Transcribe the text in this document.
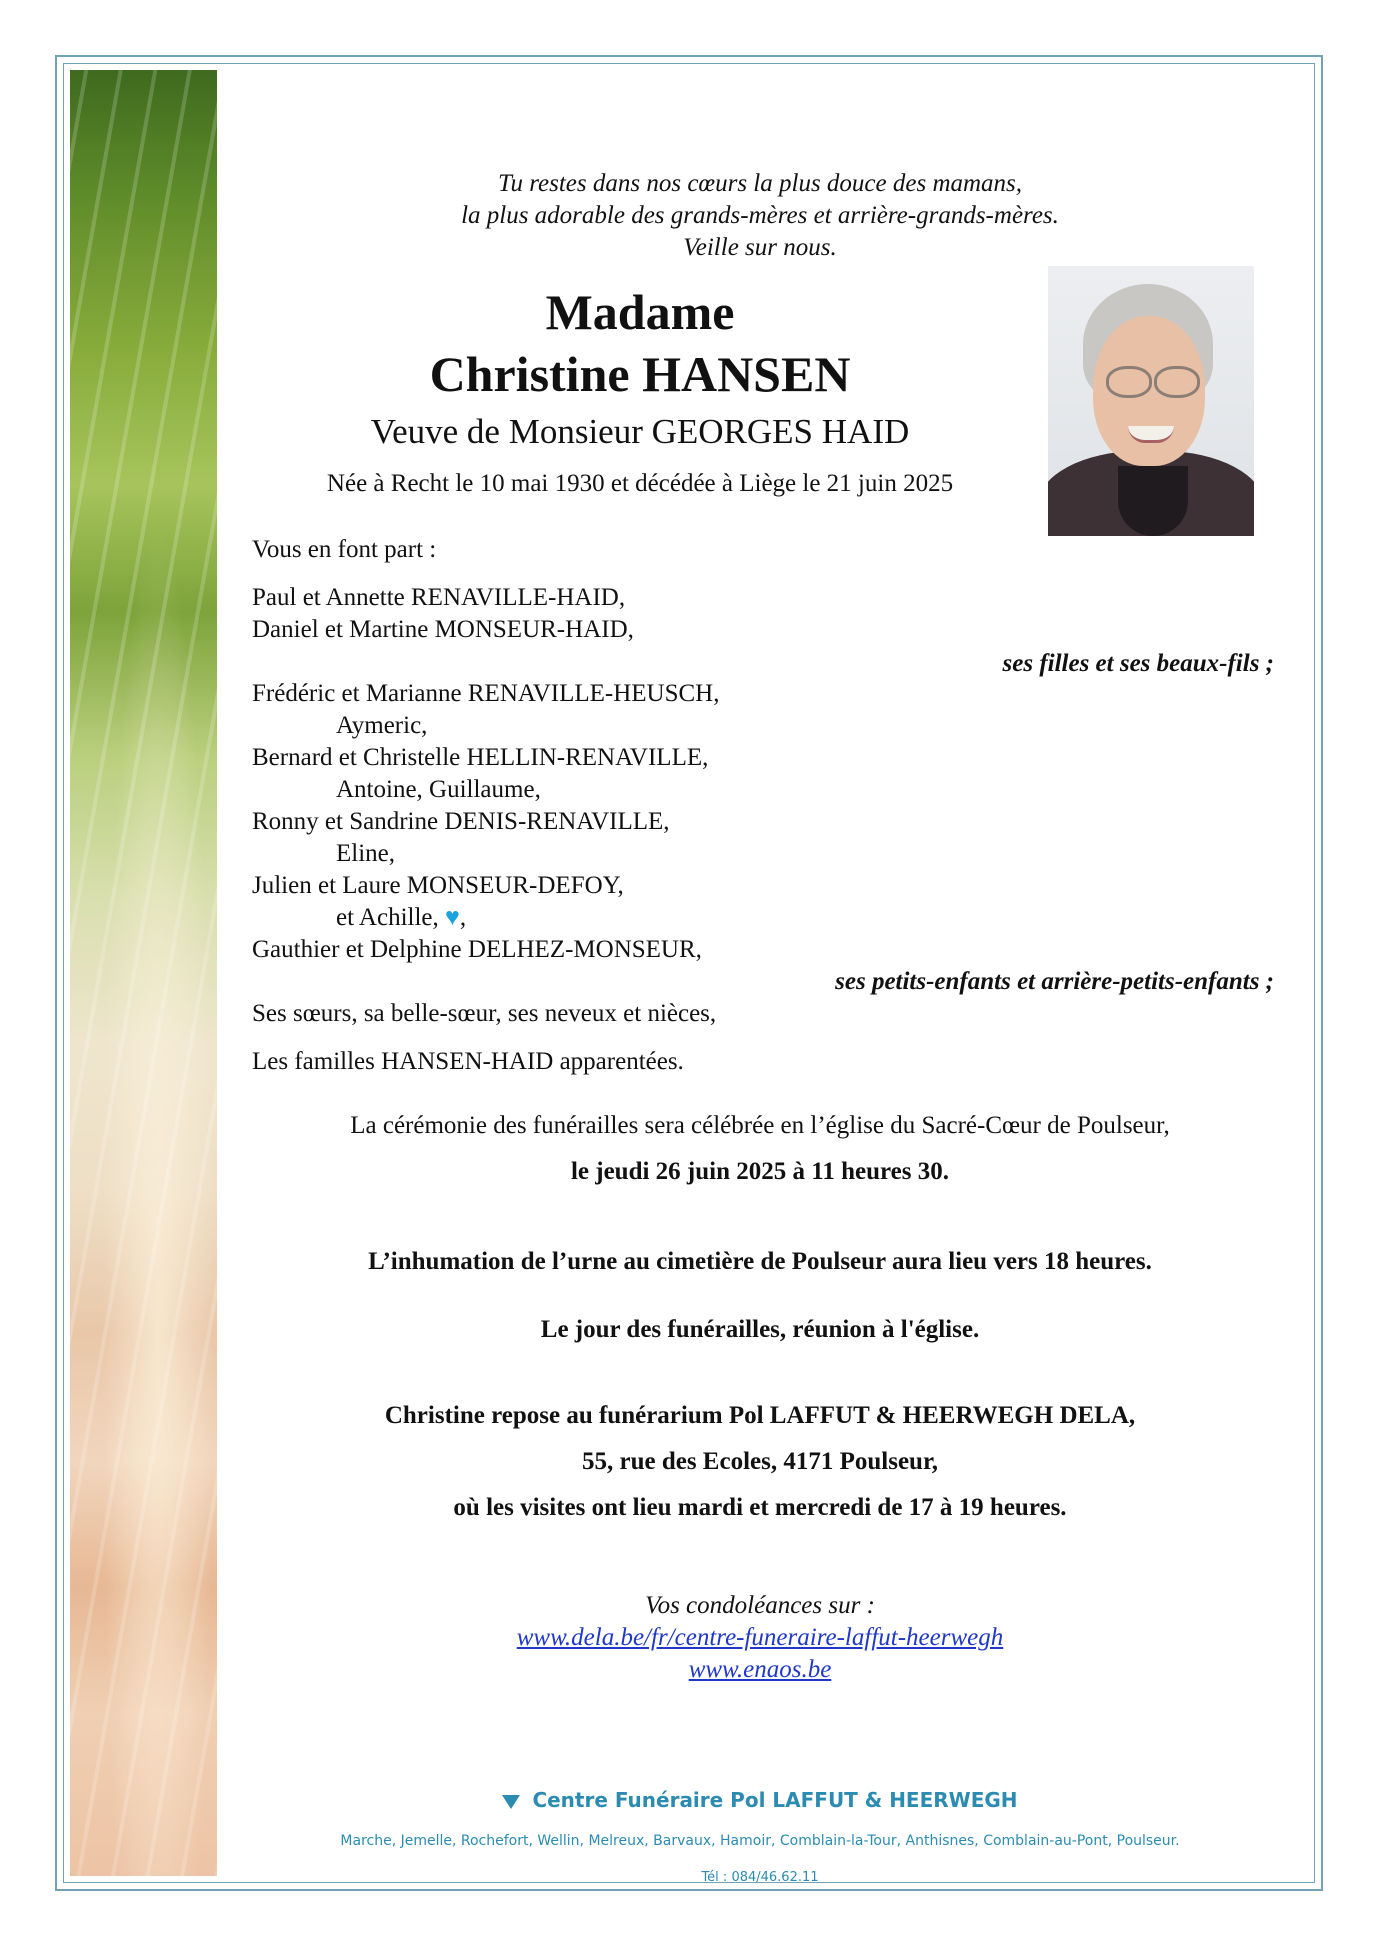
Tu restes dans nos cœurs la plus douce des mamans,

la plus adorable des grands-mères et arrière-grands-mères.

Veille sur nous.

Madame

Christine HANSEN

Veuve de Monsieur GEORGES HAID

Née à Recht le 10 mai 1930 et décédée à Liège le 21 juin 2025

Vous en font part :

Paul et Annette RENAVILLE-HAID,

Daniel et Martine MONSEUR-HAID,

ses filles et ses beaux-fils ;

Frédéric et Marianne RENAVILLE-HEUSCH,

Aymeric,

Bernard et Christelle HELLIN-RENAVILLE,

Antoine, Guillaume,

Ronny et Sandrine DENIS-RENAVILLE,

Eline,

Julien et Laure MONSEUR-DEFOY,

et Achille, ♥,

Gauthier et Delphine DELHEZ-MONSEUR,

ses petits-enfants et arrière-petits-enfants ;

Ses sœurs, sa belle-sœur, ses neveux et nièces,

Les familles HANSEN-HAID apparentées.

La cérémonie des funérailles sera célébrée en l’église du Sacré-Cœur de Poulseur,

le jeudi 26 juin 2025 à 11 heures 30.

L’inhumation de l’urne au cimetière de Poulseur aura lieu vers 18 heures.

Le jour des funérailles, réunion à l'église.

Christine repose au funérarium Pol LAFFUT & HEERWEGH DELA,

55, rue des Ecoles, 4171 Poulseur,

où les visites ont lieu mardi et mercredi de 17 à 19 heures.

Vos condoléances sur :

www.dela.be/fr/centre-funeraire-laffut-heerwegh

www.enaos.be

Centre Funéraire Pol LAFFUT & HEERWEGH

Marche, Jemelle, Rochefort, Wellin, Melreux, Barvaux, Hamoir, Comblain-la-Tour, Anthisnes, Comblain-au-Pont, Poulseur.

Tél : 084/46.62.11
